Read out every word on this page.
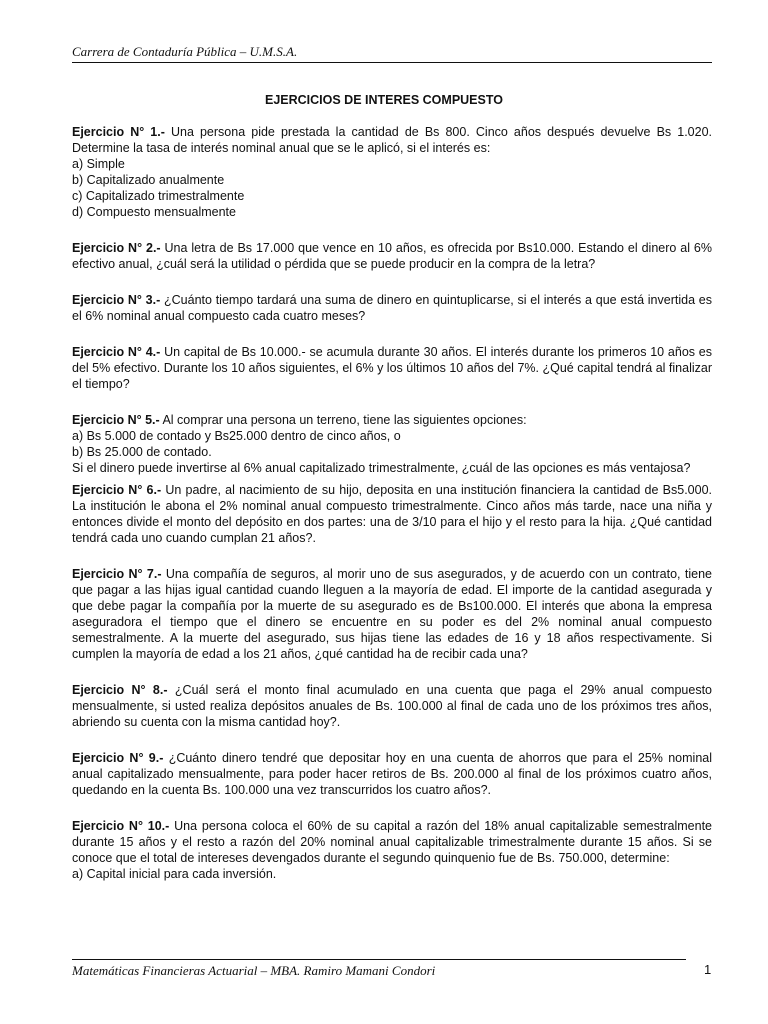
Carrera de Contaduría Pública – U.M.S.A.
EJERCICIOS DE INTERES COMPUESTO

Ejercicio N° 1.- Una persona pide prestada la cantidad de Bs 800. Cinco años después devuelve Bs 1.020. Determine la tasa de interés nominal anual que se le aplicó, si el interés es:

a) Simple
b) Capitalizado anualmente
c) Capitalizado trimestralmente
d) Compuesto mensualmente

Ejercicio N° 2.- Una letra de Bs 17.000 que vence en 10 años, es ofrecida por Bs10.000. Estando el dinero al 6% efectivo anual, ¿cuál será la utilidad o pérdida que se puede producir en la compra de la letra?

Ejercicio N° 3.- ¿Cuánto tiempo tardará una suma de dinero en quintuplicarse, si el interés a que está invertida es el 6% nominal anual compuesto cada cuatro meses?

Ejercicio N° 4.- Un capital de Bs 10.000.- se acumula durante 30 años. El interés durante los primeros 10 años es del 5% efectivo. Durante los 10 años siguientes, el 6% y los últimos 10 años del 7%. ¿Qué capital tendrá al finalizar el tiempo?

Ejercicio N° 5.- Al comprar una persona un terreno, tiene las siguientes opciones:

a) Bs 5.000 de contado y Bs25.000 dentro de cinco años, o
b) Bs 25.000 de contado.

Si el dinero puede invertirse al 6% anual capitalizado trimestralmente, ¿cuál de las opciones es más ventajosa?

Ejercicio N° 6.- Un padre, al nacimiento de su hijo, deposita en una institución financiera la cantidad de Bs5.000. La institución le abona el 2% nominal anual compuesto trimestralmente. Cinco años más tarde, nace una niña y entonces divide el monto del depósito en dos partes: una de 3/10 para el hijo y el resto para la hija. ¿Qué cantidad tendrá cada uno cuando cumplan 21 años?.

Ejercicio N° 7.- Una compañía de seguros, al morir uno de sus asegurados, y de acuerdo con un contrato, tiene que pagar a las hijas igual cantidad cuando lleguen a la mayoría de edad. El importe de la cantidad asegurada y que debe pagar la compañía por la muerte de su asegurado es de Bs100.000. El interés que abona la empresa aseguradora el tiempo que el dinero se encuentre en su poder es del 2% nominal anual compuesto semestralmente. A la muerte del asegurado, sus hijas tiene las edades de 16 y 18 años respectivamente. Si cumplen la mayoría de edad a los 21 años, ¿qué cantidad ha de recibir cada una?

Ejercicio N° 8.- ¿Cuál será el monto final acumulado en una cuenta que paga el 29% anual compuesto mensualmente, si usted realiza depósitos anuales de Bs. 100.000 al final de cada uno de los próximos tres años, abriendo su cuenta con la misma cantidad hoy?.

Ejercicio N° 9.- ¿Cuánto dinero tendré que depositar hoy en una cuenta de ahorros que para el 25% nominal anual capitalizado mensualmente, para poder hacer retiros de Bs. 200.000 al final de los próximos cuatro años, quedando en la cuenta Bs. 100.000 una vez transcurridos los cuatro años?.

Ejercicio N° 10.- Una persona coloca el 60% de su capital a razón del 18% anual capitalizable semestralmente durante 15 años y el resto a razón del 20% nominal anual capitalizable trimestralmente durante 15 años. Si se conoce que el total de intereses devengados durante el segundo quinquenio fue de Bs. 750.000, determine:

a) Capital inicial para cada inversión.
Matemáticas Financieras Actuarial – MBA. Ramiro Mamani Condori	1
